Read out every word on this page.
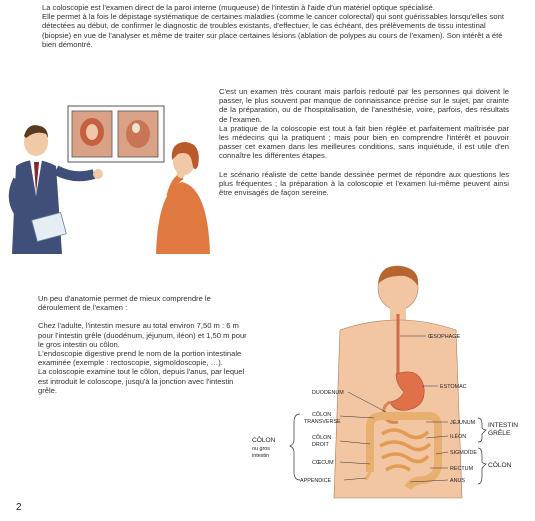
La coloscopie est l'examen direct de la paroi interne (muqueuse) de l'intestin à l'aide d'un matériel optique spécialisé.

Elle permet à la fois le dépistage systématique de certaines maladies (comme le cancer colorectal) qui sont guérissables lorsqu'elles sont détectées au début, de confirmer le diagnostic de troubles existants, d'effectuer, le cas échéant, des prélèvements de tissu intestinal (biopsie) en vue de l'analyser et même de traiter sur place certaines lésions (ablation de polypes au cours de l'examen). Son intérêt a été bien démontré.

C'est un examen très courant mais parfois redouté par les personnes qui doivent le passer, le plus souvent par manque de connaissance précise sur le sujet, par crainte de la préparation, ou de l'hospitalisation, de l'anesthésie, voire, parfois, des résultats de l'examen.

La pratique de la coloscopie est tout à fait bien réglée et parfaitement maîtrisée par les médecins qui la pratiquent ; mais pour bien en comprendre l'intérêt et pouvoir passer cet examen dans les meilleures conditions, sans inquiétude, il est utile d'en connaître les différentes étapes.

Le scénario réaliste de cette bande dessinée permet de répondre aux questions les plus fréquentes ; la préparation à la coloscopie et l'examen lui-même peuvent ainsi être envisagés de façon sereine.

Un peu d'anatomie permet de mieux comprendre le déroulement de l'examen :

Chez l'adulte, l'intestin mesure au total environ 7,50 m : 6 m pour l'intestin grêle (duodénum, jéjunum, iléon) et 1,50 m pour le gros intestin ou côlon.

L'endoscopie digestive prend le nom de la portion intestinale examinée (exemple : rectoscopie, sigmoïdoscopie, …).

La coloscopie examine tout le côlon, depuis l'anus, par lequel est introduit le coloscope, jusqu'à la jonction avec l'intestin grêle.

ŒSOPHAGE
ESTOMAC
DUODÉNUM
CÔLON
TRANSVERSE
CÔLON
DROIT
CŒCUM
APPENDICE
JÉJUNUM
ILÉON
SIGMOÏDE
RECTUM
ANUS
CÔLON
ou gros
intestin
INTESTIN
GRÊLE
CÔLON
2
